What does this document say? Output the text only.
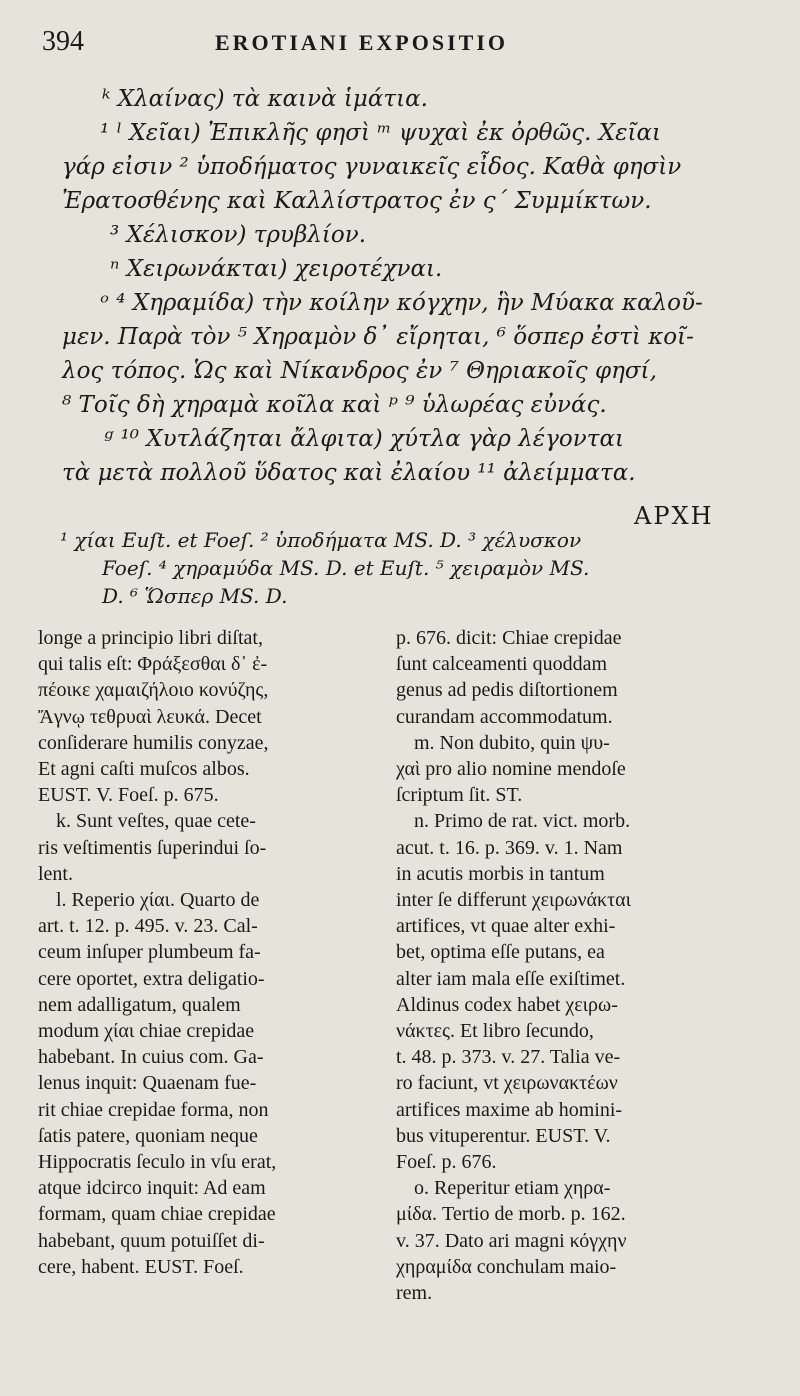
394	EROTIANI EXPOSITIO
ᵏ Χλαίνας) τὰ καινὰ ἱμάτια.
¹ ˡ Χεῖαι) Ἐπικλῆς φησὶ ᵐ ψυχαὶ ἐκ ὀρθῶς. Χεῖαι
γάρ εἰσιν ² ὑποδήματος γυναικεῖς εἶδος. Καθὰ φησὶν
Ἐρατοσθένης καὶ Καλλίστρατος ἐν ς´ Συμμίκτων.
³ Χέλισκον) τρυβλίον.
ⁿ Χειρωνάκται) χειροτέχναι.
ᵒ ⁴ Χηραμίδα) τὴν κοίλην κόγχην, ἣν Μύακα καλοῦ-
μεν. Παρὰ τὸν ⁵ Χηραμὸν δ᾽ εἴρηται, ⁶ ὅσπερ ἐστὶ κοῖ-
λος τόπος. Ὡς καὶ Νίκανδρος ἐν ⁷ Θηριακοῖς φησί,
⁸ Τοῖς δὴ χηραμὰ κοῖλα καὶ ᵖ ⁹ ὑλωρέας εὐνάς.
ᵍ ¹⁰ Χυτλάζηται ἄλφιτα) χύτλα γὰρ λέγονται
τὰ μετὰ πολλοῦ ὕδατος καὶ ἐλαίου ¹¹ ἀλείμματα.
ΑΡΧΗ

¹ χίαι Euſt. et Foeſ. ² ὑποδήματα MS. D. ³ χέλυσκον

Foeſ. ⁴ χηραμύδα MS. D. et Euſt. ⁵ χειραμὸν MS.

D. ⁶ Ὥσπερ MS. D.

longe a principio libri diſtat,
qui talis eſt: Φράξεσθαι δ᾽ ἐ-
πέοικε χαμαιζήλοιο κονύζης,
Ἄγνῳ τεθρυαὶ λευκά. Decet
conſiderare humilis conyzae,
Et agni caſti muſcos albos.
EUST. V. Foeſ. p. 675.

k. Sunt veſtes, quae cete-
ris veſtimentis ſuperindui ſo-
lent.

l. Reperio χίαι. Quarto de
art. t. 12. p. 495. v. 23. Cal-
ceum inſuper plumbeum fa-
cere oportet, extra deligatio-
nem adalligatum, qualem
modum χίαι chiae crepidae
habebant. In cuius com. Ga-
lenus inquit: Quaenam fue-
rit chiae crepidae forma, non
ſatis patere, quoniam neque
Hippocratis ſeculo in vſu erat,
atque idcirco inquit: Ad eam
formam, quam chiae crepidae
habebant, quum potuiſſet di-
cere, habent. EUST. Foeſ.

p. 676. dicit: Chiae crepidae
ſunt calceamenti quoddam
genus ad pedis diſtortionem
curandam accommodatum.

m. Non dubito, quin ψυ-
χαὶ pro alio nomine mendoſe
ſcriptum ſit. ST.

n. Primo de rat. vict. morb.
acut. t. 16. p. 369. v. 1. Nam
in acutis morbis in tantum
inter ſe differunt χειρωνάκται
artifices, vt quae alter exhi-
bet, optima eſſe putans, ea
alter iam mala eſſe exiſtimet.
Aldinus codex habet χειρω-
νάκτες. Et libro ſecundo,
t. 48. p. 373. v. 27. Talia ve-
ro faciunt, vt χειρωνακτέων
artifices maxime ab homini-
bus vituperentur. EUST. V.
Foeſ. p. 676.

o. Reperitur etiam χηρα-
μίδα. Tertio de morb. p. 162.
v. 37. Dato ari magni κόγχην
χηραμίδα conchulam maio-
rem.
